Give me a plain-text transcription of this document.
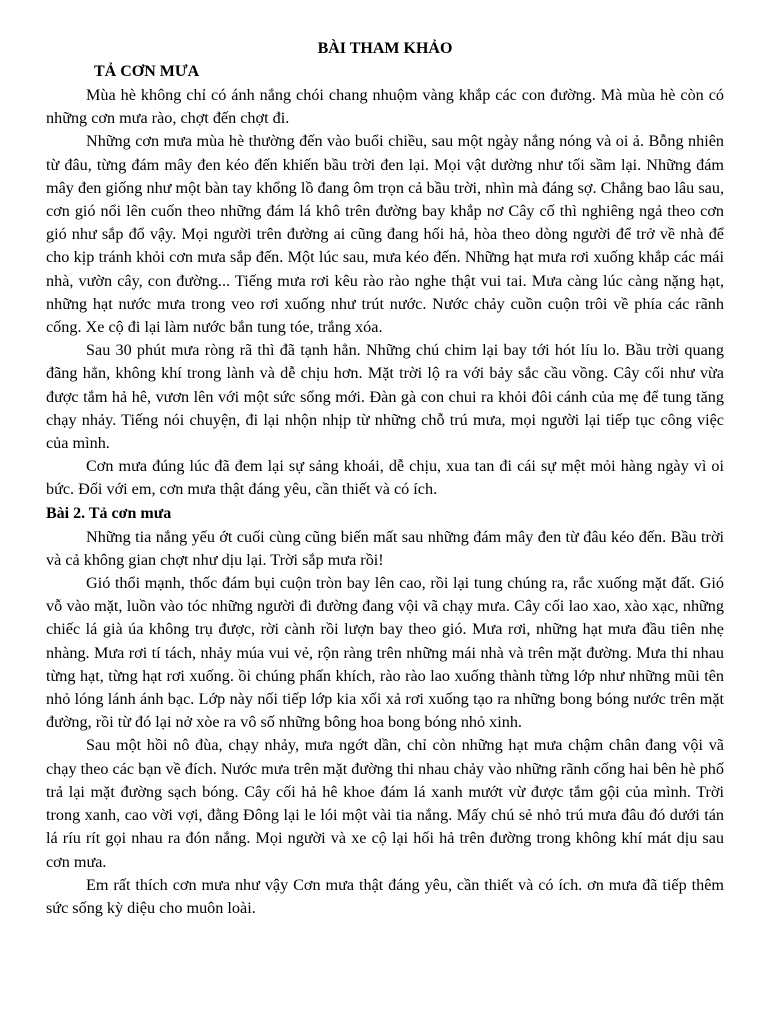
BÀI THAM KHẢO
TẢ CƠN MƯA

Mùa hè không chỉ có ánh nắng chói chang nhuộm vàng khắp các con đường. Mà mùa hè còn có những cơn mưa rào, chợt đến chợt đi.

Những cơn mưa mùa hè thường đến vào buổi chiều, sau một ngày nắng nóng và oi ả. Bỗng nhiên từ đâu, từng đám mây đen kéo đến khiến bầu trời đen lại. Mọi vật dường như tối sầm lại. Những đám mây đen giống như một bàn tay khổng lồ đang ôm trọn cả bầu trời, nhìn mà đáng sợ. Chẳng bao lâu sau, cơn gió nổi lên cuốn theo những đám lá khô trên đường bay khắp nơ Cây cố thì nghiêng ngả theo cơn gió như sắp đổ vậy. Mọi người trên đường ai cũng đang hối hả, hòa theo dòng người để trở về nhà để cho kịp tránh khỏi cơn mưa sắp đến. Một lúc sau, mưa kéo đến. Những hạt mưa rơi xuống khắp các mái nhà, vườn cây, con đường... Tiếng mưa rơi kêu rào rào nghe thật vui tai. Mưa càng lúc càng nặng hạt, những hạt nước mưa trong veo rơi xuống như trút nước. Nước chảy cuồn cuộn trôi về phía các rãnh cống. Xe cộ đi lại làm nước bắn tung tóe, trắng xóa.

Sau 30 phút mưa ròng rã thì đã tạnh hẳn. Những chú chim lại bay tới hót líu lo. Bầu trời quang đãng hẳn, không khí trong lành và dễ chịu hơn. Mặt trời lộ ra với bảy sắc cầu vồng. Cây cối như vừa được tắm hả hê, vươn lên với một sức sống mới. Đàn gà con chui ra khỏi đôi cánh của mẹ để tung tăng chạy nhảy. Tiếng nói chuyện, đi lại nhộn nhịp từ những chỗ trú mưa, mọi người lại tiếp tục công việc của mình.

Cơn mưa đúng lúc đã đem lại sự sảng khoái, dễ chịu, xua tan đi cái sự mệt mỏi hàng ngày vì oi bức. Đối với em, cơn mưa thật đáng yêu, cần thiết và có ích.

Bài 2. Tả cơn mưa

Những tia nắng yếu ớt cuối cùng cũng biến mất sau những đám mây đen từ đâu kéo đến. Bầu trời và cả không gian chợt như dịu lại. Trời sắp mưa rồi!

Gió thổi mạnh, thốc đám bụi cuộn tròn bay lên cao, rồi lại tung chúng ra, rắc xuống mặt đất. Gió vỗ vào mặt, luồn vào tóc những người đi đường đang vội vã chạy mưa. Cây cối lao xao, xào xạc, những chiếc lá già úa không trụ được, rời cành rồi lượn bay theo gió. Mưa rơi, những hạt mưa đầu tiên nhẹ nhàng. Mưa rơi tí tách, nhảy múa vui vẻ, rộn ràng trên những mái nhà và trên mặt đường. Mưa thi nhau từng hạt, từng hạt rơi xuống. ồi chúng phấn khích, rào rào lao xuống thành từng lớp như những mũi tên nhỏ lóng lánh ánh bạc. Lớp này nối tiếp lớp kia xối xả rơi xuống tạo ra những bong bóng nước trên mặt đường, rồi từ đó lại nở xòe ra vô số những bông hoa bong bóng nhỏ xinh.

Sau một hồi nô đùa, chạy nhảy, mưa ngớt dần, chỉ còn những hạt mưa chậm chân đang vội vã chạy theo các bạn về đích. Nước mưa trên mặt đường thi nhau chảy vào những rãnh cống hai bên hè phố trả lại mặt đường sạch bóng. Cây cối hả hê khoe đám lá xanh mướt vừ được tắm gội của mình. Trời trong xanh, cao vời vợi, đằng Đông lại le lói một vài tia nắng. Mấy chú sẻ nhỏ trú mưa đâu đó dưới tán lá ríu rít gọi nhau ra đón nắng. Mọi người và xe cộ lại hối hả trên đường trong không khí mát dịu sau cơn mưa.

Em rất thích cơn mưa như vậy Cơn mưa thật đáng yêu, cần thiết và có ích. ơn mưa đã tiếp thêm sức sống kỳ diệu cho muôn loài.
